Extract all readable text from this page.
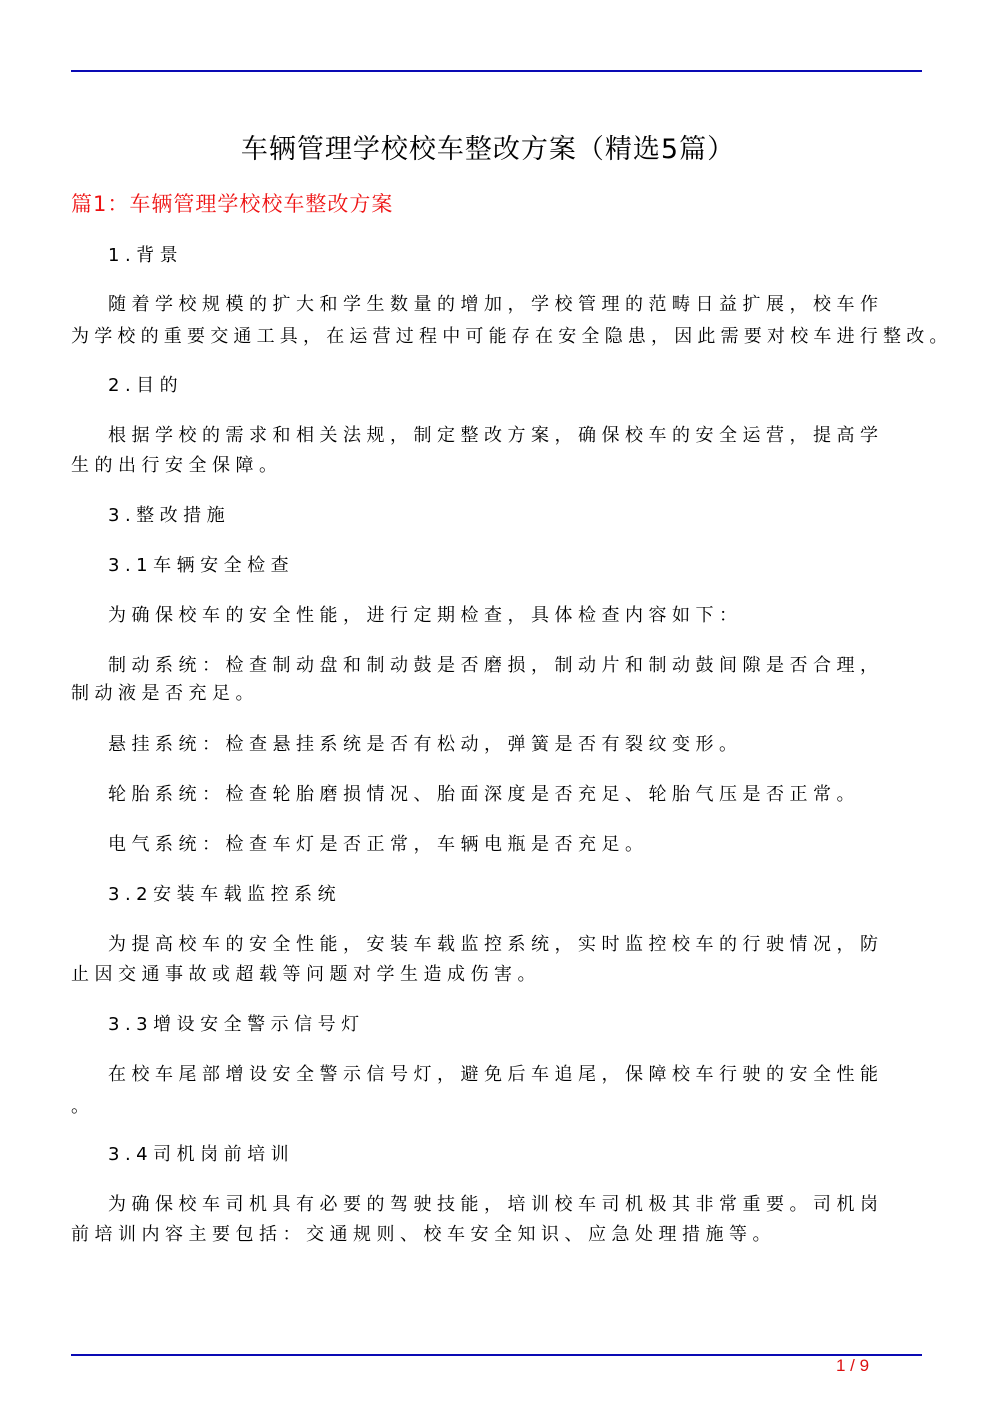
车辆管理学校校车整改方案（精选5篇）
篇1：车辆管理学校校车整改方案
1.背景
随着学校规模的扩大和学生数量的增加，学校管理的范畴日益扩展，校车作
为学校的重要交通工具，在运营过程中可能存在安全隐患，因此需要对校车进行整改。
2.目的
根据学校的需求和相关法规，制定整改方案，确保校车的安全运营，提高学
生的出行安全保障。
3.整改措施
3.1车辆安全检查
为确保校车的安全性能，进行定期检查，具体检查内容如下：
制动系统：检查制动盘和制动鼓是否磨损，制动片和制动鼓间隙是否合理，
制动液是否充足。
悬挂系统：检查悬挂系统是否有松动，弹簧是否有裂纹变形。
轮胎系统：检查轮胎磨损情况、胎面深度是否充足、轮胎气压是否正常。
电气系统：检查车灯是否正常，车辆电瓶是否充足。
3.2安装车载监控系统
为提高校车的安全性能，安装车载监控系统，实时监控校车的行驶情况，防
止因交通事故或超载等问题对学生造成伤害。
3.3增设安全警示信号灯
在校车尾部增设安全警示信号灯，避免后车追尾，保障校车行驶的安全性能
。
3.4司机岗前培训
为确保校车司机具有必要的驾驶技能，培训校车司机极其非常重要。司机岗
前培训内容主要包括：交通规则、校车安全知识、应急处理措施等。
1 / 9
